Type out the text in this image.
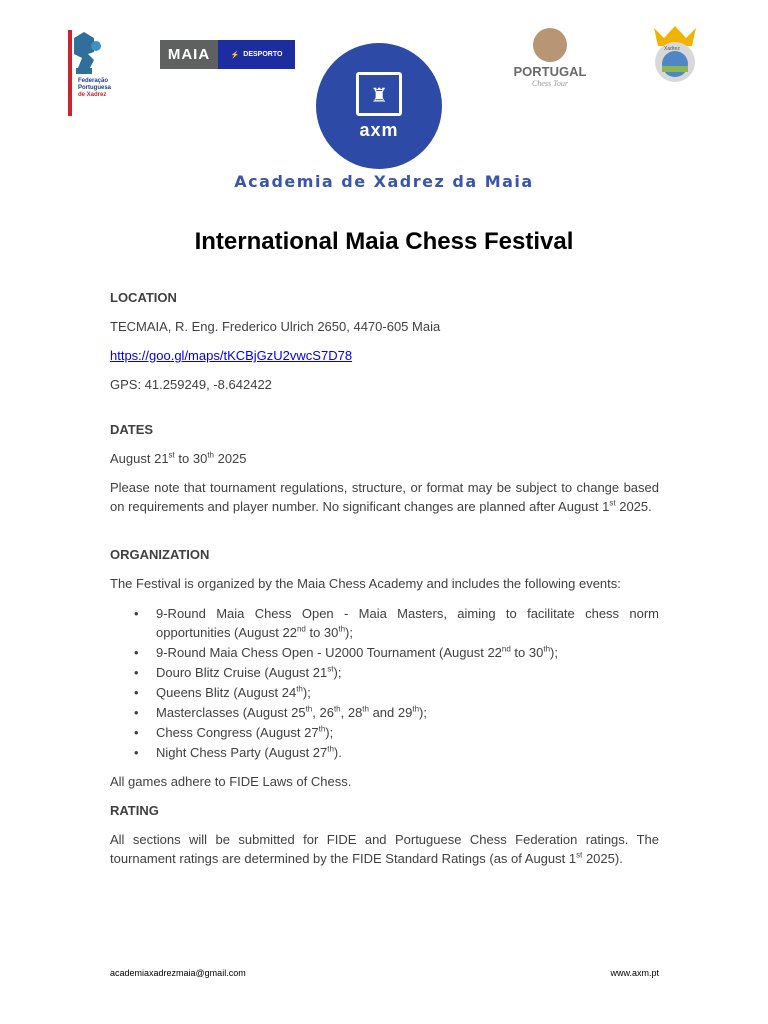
Federação
Portuguesa
de Xadrez
MAIA	⚡ DESPORTO
♜
axm
Academia de Xadrez da Maia
PORTUGAL
Chess Tour
Xadrez
International Maia Chess Festival
LOCATION
TECMAIA, R. Eng. Frederico Ulrich 2650, 4470-605 Maia
https://goo.gl/maps/tKCBjGzU2vwcS7D78
GPS: 41.259249, -8.642422
DATES
August 21st to 30th 2025
Please note that tournament regulations, structure, or format may be subject to change based on requirements and player number. No significant changes are planned after August 1st 2025.
ORGANIZATION
The Festival is organized by the Maia Chess Academy and includes the following events:
• 9-Round Maia Chess Open - Maia Masters, aiming to facilitate chess norm opportunities (August 22nd to 30th);
• 9-Round Maia Chess Open - U2000 Tournament (August 22nd to 30th);
• Douro Blitz Cruise (August 21st);
• Queens Blitz (August 24th);
• Masterclasses (August 25th, 26th, 28th and 29th);
• Chess Congress (August 27th);
• Night Chess Party (August 27th).
All games adhere to FIDE Laws of Chess.
RATING
All sections will be submitted for FIDE and Portuguese Chess Federation ratings. The tournament ratings are determined by the FIDE Standard Ratings (as of August 1st 2025).
academiaxadrezmaia@gmail.com	www.axm.pt
